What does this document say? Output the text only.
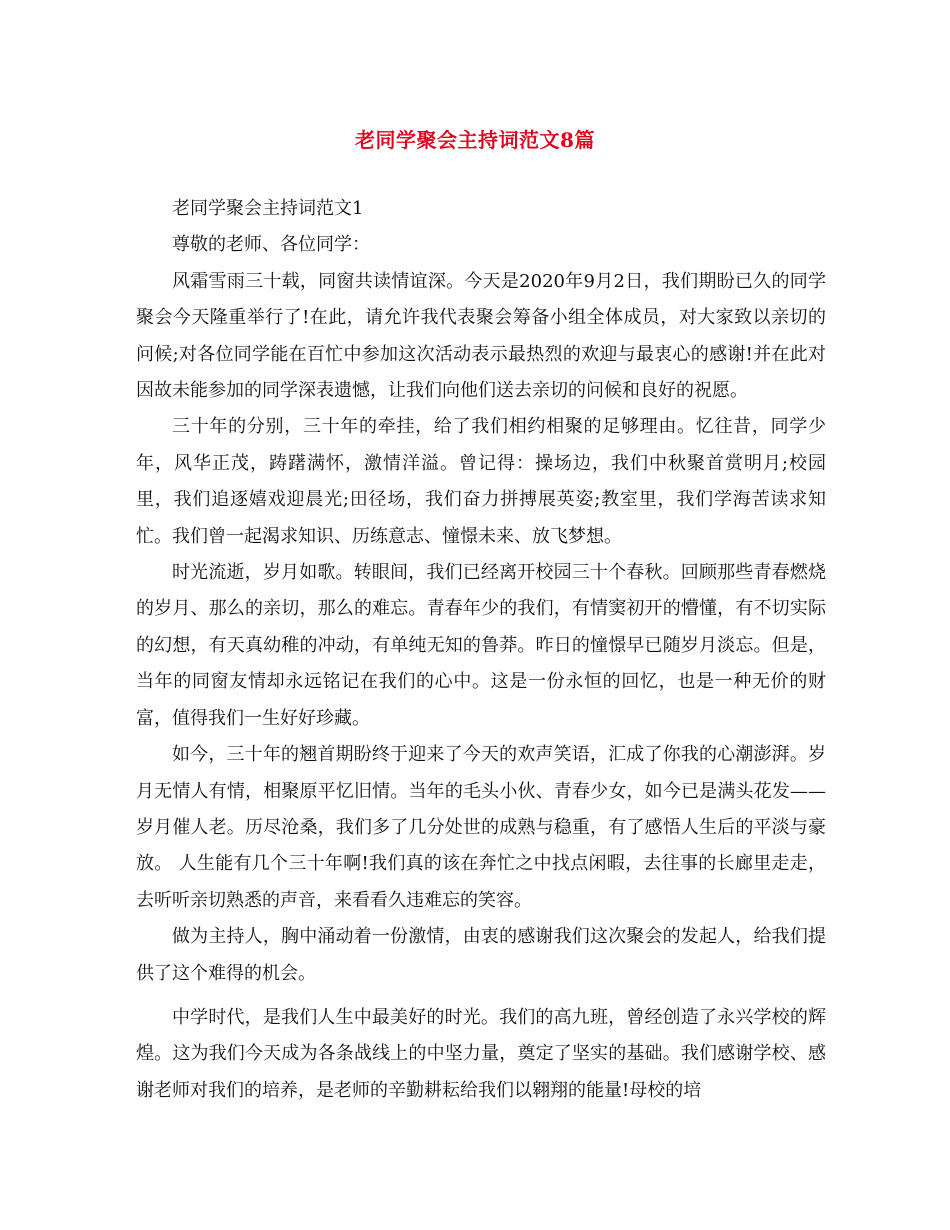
老同学聚会主持词范文8篇

老同学聚会主持词范文1

尊敬的老师、各位同学：

风霜雪雨三十载，同窗共读情谊深。今天是2020年9月2日，我们期盼已久的同学聚会今天隆重举行了!在此，请允许我代表聚会筹备小组全体成员，对大家致以亲切的问候;对各位同学能在百忙中参加这次活动表示最热烈的欢迎与最衷心的感谢!并在此对因故未能参加的同学深表遗憾，让我们向他们送去亲切的问候和良好的祝愿。

三十年的分别，三十年的牵挂，给了我们相约相聚的足够理由。忆往昔，同学少年，风华正茂，踌躇满怀，激情洋溢。曾记得：操场边，我们中秋聚首赏明月;校园里，我们追逐嬉戏迎晨光;田径场，我们奋力拼搏展英姿;教室里，我们学海苦读求知忙。我们曾一起渴求知识、历练意志、憧憬未来、放飞梦想。

时光流逝，岁月如歌。转眼间，我们已经离开校园三十个春秋。回顾那些青春燃烧的岁月、那么的亲切，那么的难忘。青春年少的我们，有情窦初开的懵懂，有不切实际的幻想，有天真幼稚的冲动，有单纯无知的鲁莽。昨日的憧憬早已随岁月淡忘。但是，当年的同窗友情却永远铭记在我们的心中。这是一份永恒的回忆，也是一种无价的财富，值得我们一生好好珍藏。

如今，三十年的翘首期盼终于迎来了今天的欢声笑语，汇成了你我的心潮澎湃。岁月无情人有情，相聚原平忆旧情。当年的毛头小伙、青春少女，如今已是满头花发——岁月催人老。历尽沧桑，我们多了几分处世的成熟与稳重，有了感悟人生后的平淡与豪放。 人生能有几个三十年啊!我们真的该在奔忙之中找点闲暇，去往事的长廊里走走，去听听亲切熟悉的声音，来看看久违难忘的笑容。

做为主持人，胸中涌动着一份激情，由衷的感谢我们这次聚会的发起人，给我们提供了这个难得的机会。

中学时代，是我们人生中最美好的时光。我们的高九班，曾经创造了永兴学校的辉煌。这为我们今天成为各条战线上的中坚力量，奠定了坚实的基础。我们感谢学校、感谢老师对我们的培养，是老师的辛勤耕耘给我们以翱翔的能量!母校的培
